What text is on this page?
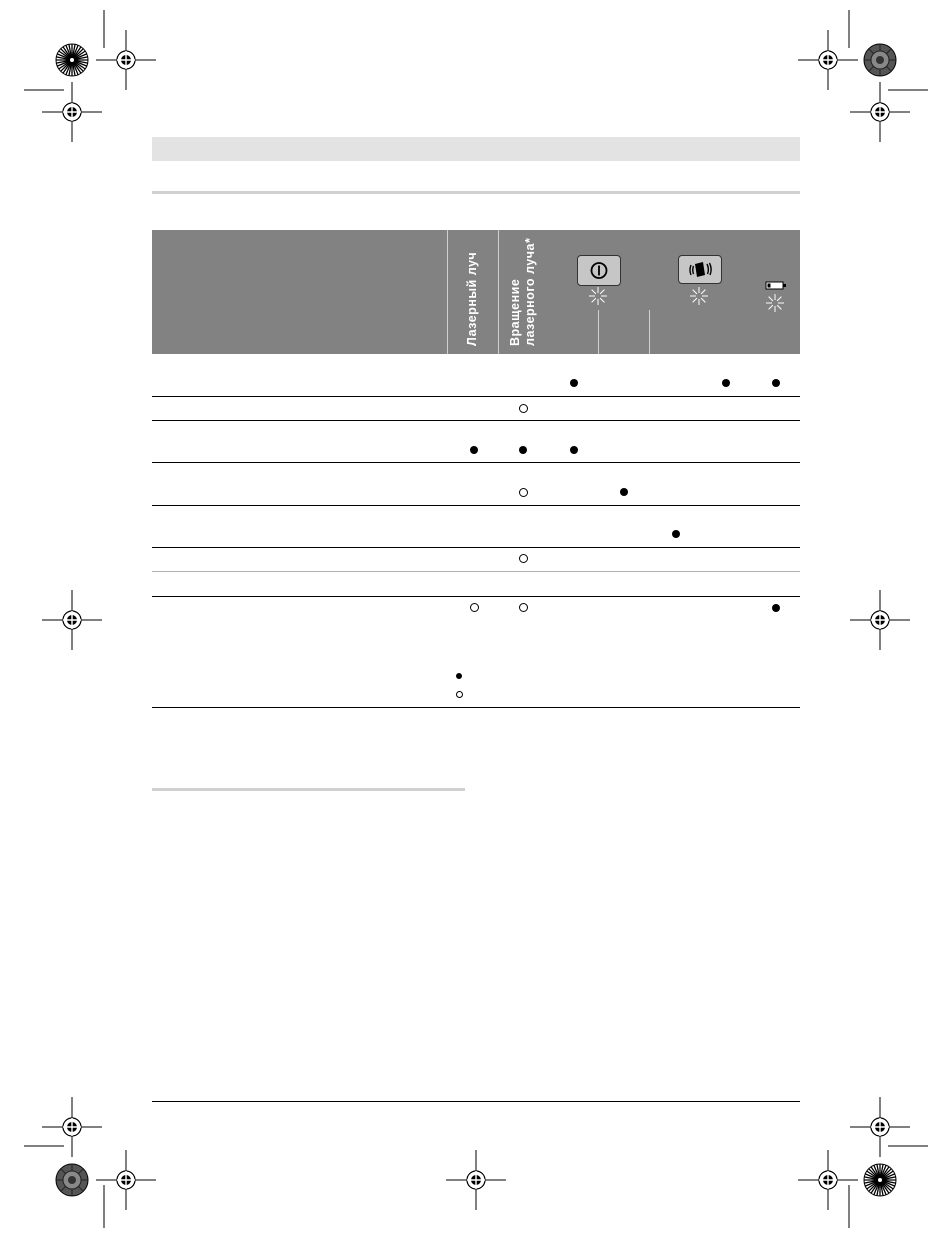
Лазерный луч Вращение лазерного луча*
